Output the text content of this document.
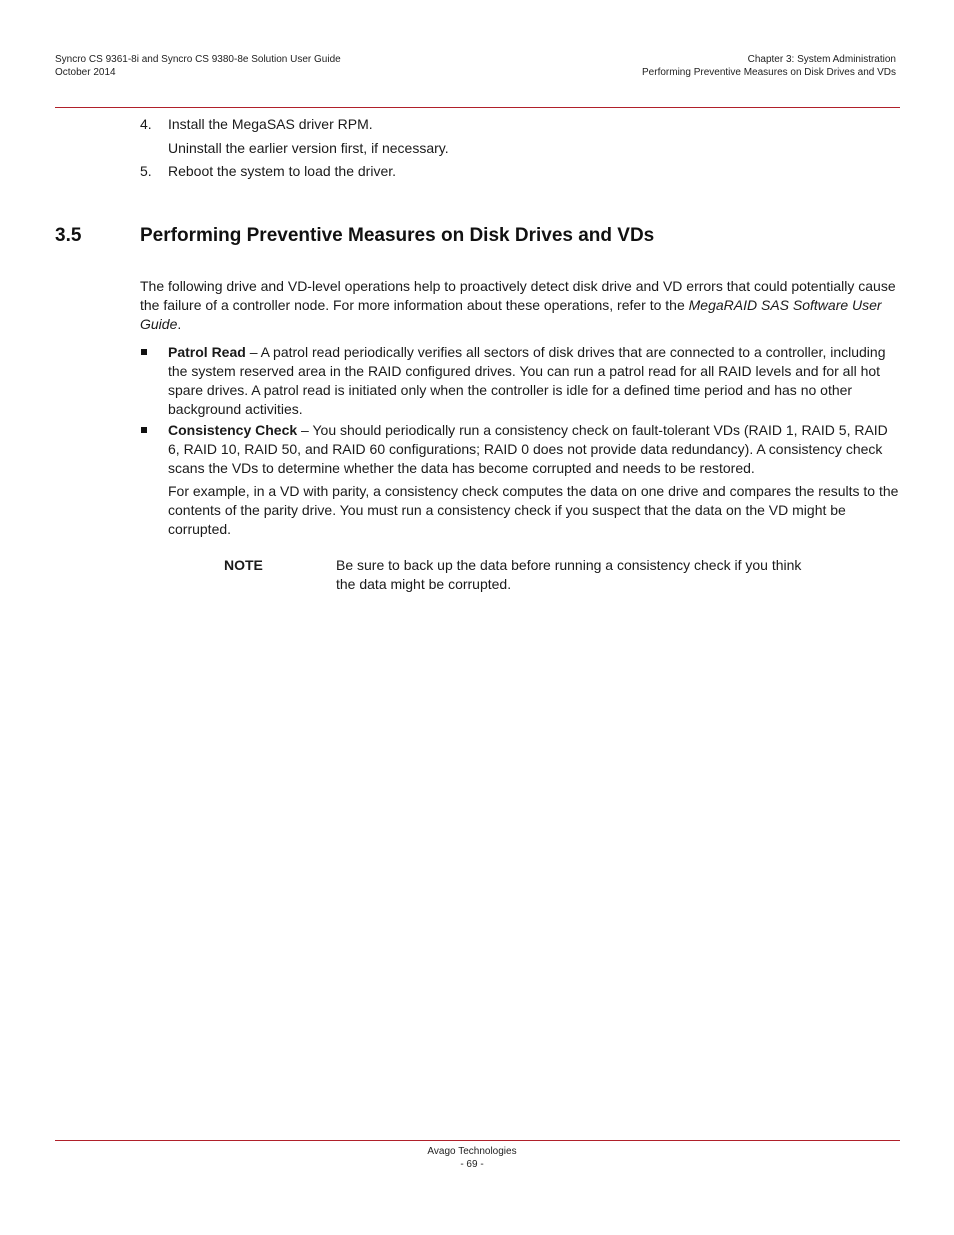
Syncro CS 9361-8i and Syncro CS 9380-8e Solution User Guide
October 2014
Chapter 3: System Administration
Performing Preventive Measures on Disk Drives and VDs
4. Install the MegaSAS driver RPM.
Uninstall the earlier version first, if necessary.
5. Reboot the system to load the driver.
3.5	Performing Preventive Measures on Disk Drives and VDs
The following drive and VD-level operations help to proactively detect disk drive and VD errors that could potentially cause the failure of a controller node. For more information about these operations, refer to the MegaRAID SAS Software User Guide.
Patrol Read – A patrol read periodically verifies all sectors of disk drives that are connected to a controller, including the system reserved area in the RAID configured drives. You can run a patrol read for all RAID levels and for all hot spare drives. A patrol read is initiated only when the controller is idle for a defined time period and has no other background activities.
Consistency Check – You should periodically run a consistency check on fault-tolerant VDs (RAID 1, RAID 5, RAID 6, RAID 10, RAID 50, and RAID 60 configurations; RAID 0 does not provide data redundancy). A consistency check scans the VDs to determine whether the data has become corrupted and needs to be restored.
For example, in a VD with parity, a consistency check computes the data on one drive and compares the results to the contents of the parity drive. You must run a consistency check if you suspect that the data on the VD might be corrupted.
NOTE	Be sure to back up the data before running a consistency check if you think the data might be corrupted.
Avago Technologies
- 69 -
